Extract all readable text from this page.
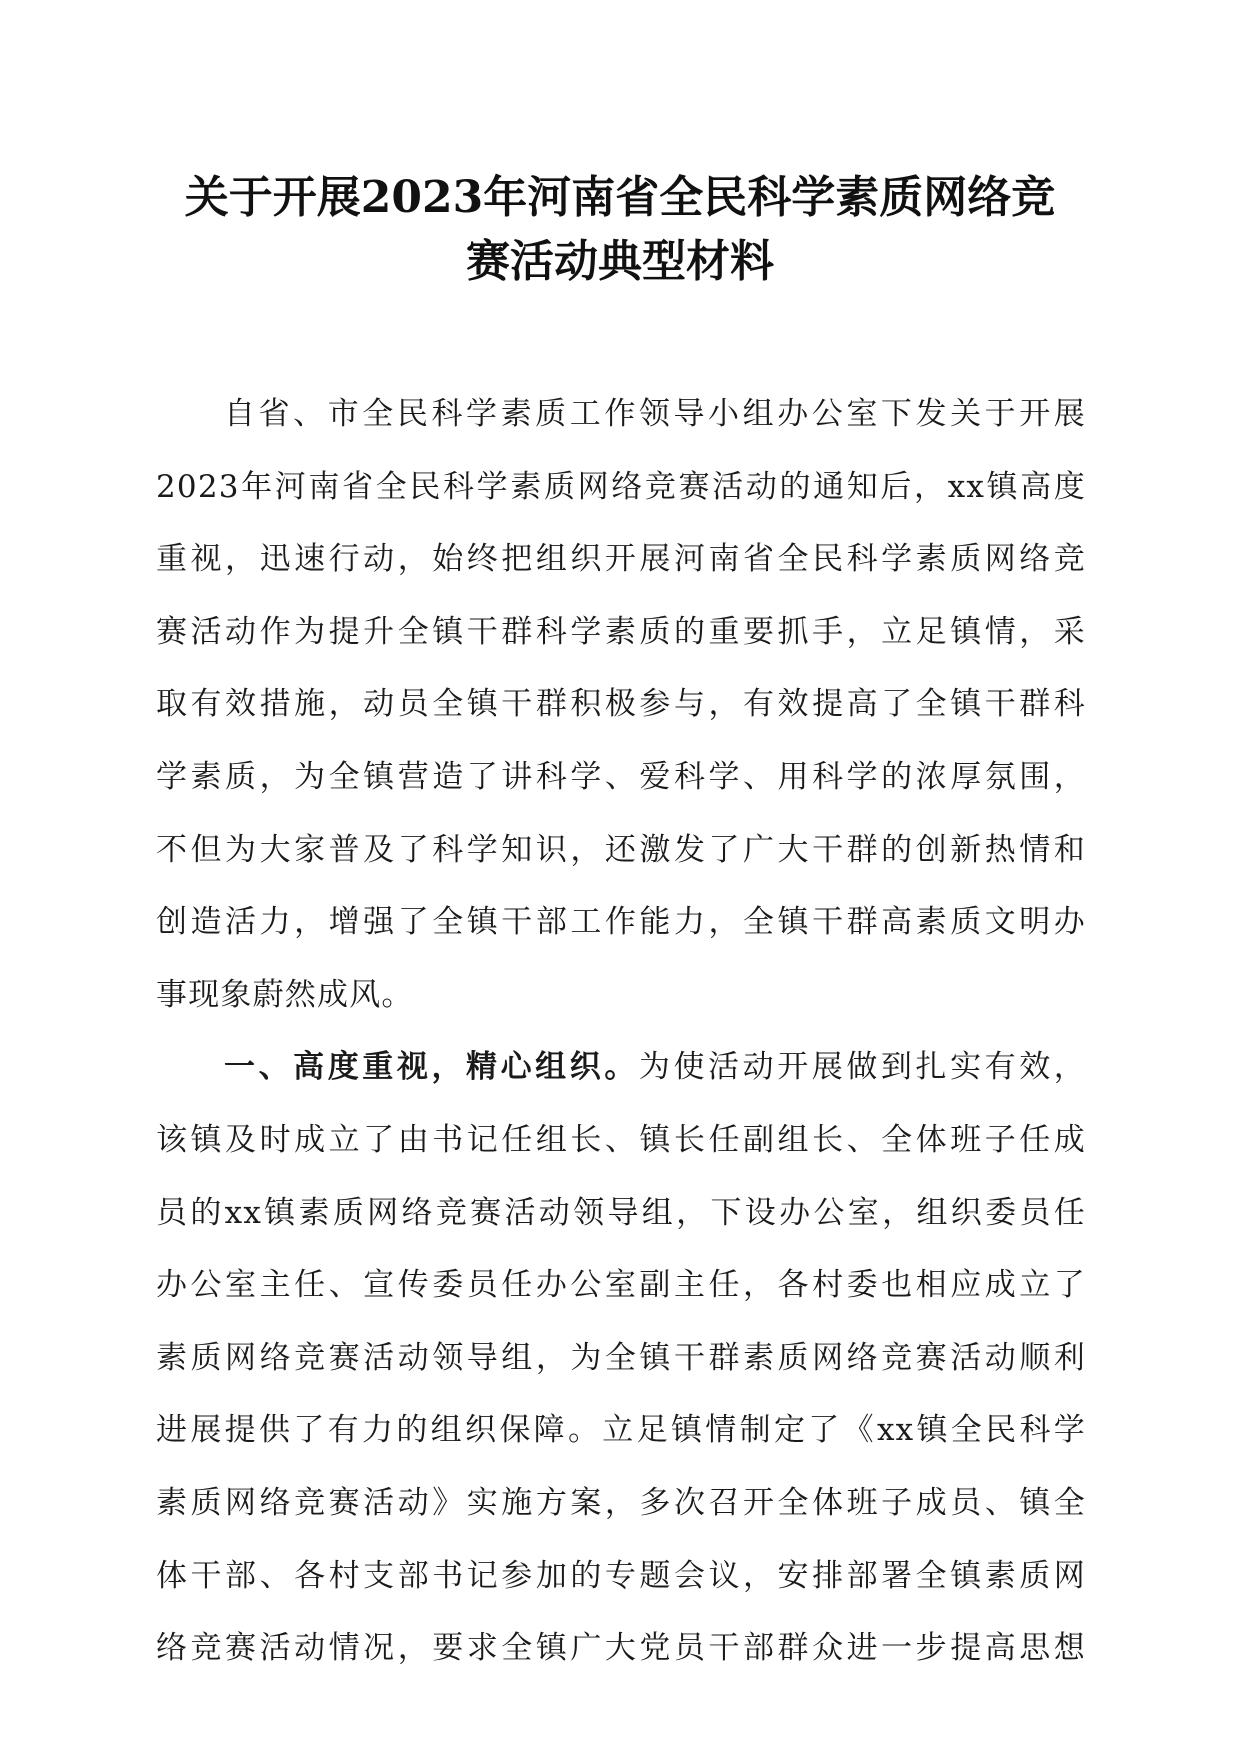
关于开展2023年河南省全民科学素质网络竞
赛活动典型材料
自省、市全民科学素质工作领导小组办公室下发关于开展
2023年河南省全民科学素质网络竞赛活动的通知后，xx镇高度
重视，迅速行动，始终把组织开展河南省全民科学素质网络竞
赛活动作为提升全镇干群科学素质的重要抓手，立足镇情，采
取有效措施，动员全镇干群积极参与，有效提高了全镇干群科
学素质，为全镇营造了讲科学、爱科学、用科学的浓厚氛围，
不但为大家普及了科学知识，还激发了广大干群的创新热情和
创造活力，增强了全镇干部工作能力，全镇干群高素质文明办
事现象蔚然成风。
一、高度重视，精心组织。为使活动开展做到扎实有效，
该镇及时成立了由书记任组长、镇长任副组长、全体班子任成
员的xx镇素质网络竞赛活动领导组，下设办公室，组织委员任
办公室主任、宣传委员任办公室副主任，各村委也相应成立了
素质网络竞赛活动领导组，为全镇干群素质网络竞赛活动顺利
进展提供了有力的组织保障。立足镇情制定了《xx镇全民科学
素质网络竞赛活动》实施方案，多次召开全体班子成员、镇全
体干部、各村支部书记参加的专题会议，安排部署全镇素质网
络竞赛活动情况，要求全镇广大党员干部群众进一步提高思想
